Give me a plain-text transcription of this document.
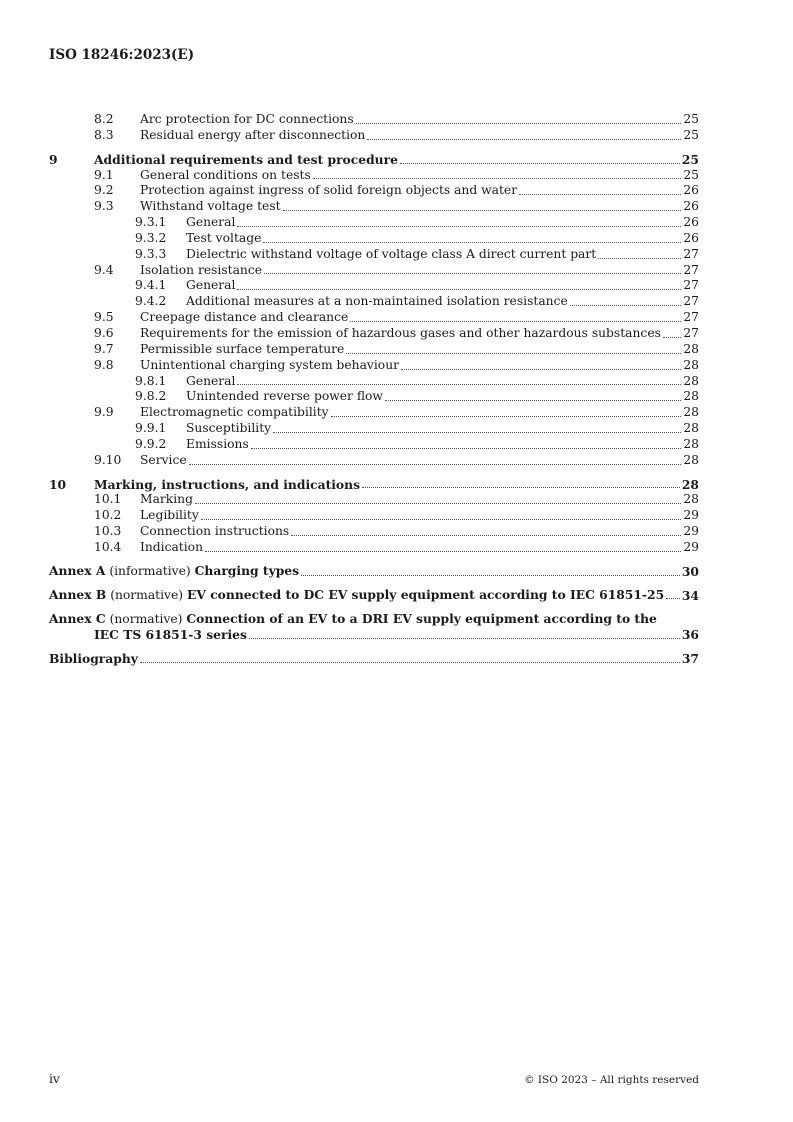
ISO 18246:2023(E)
8.2 Arc protection for DC connections	25
8.3 Residual energy after disconnection	25
9	Additional requirements and test procedure	25
9.1 General conditions on tests	25
9.2 Protection against ingress of solid foreign objects and water	26
9.3 Withstand voltage test	26
9.3.1 General	26
9.3.2 Test voltage	26
9.3.3 Dielectric withstand voltage of voltage class A direct current part	27
9.4 Isolation resistance	27
9.4.1 General	27
9.4.2 Additional measures at a non-maintained isolation resistance	27
9.5 Creepage distance and clearance	27
9.6 Requirements for the emission of hazardous gases and other hazardous substances 27
9.7 Permissible surface temperature	28
9.8 Unintentional charging system behaviour	28
9.8.1 General	28
9.8.2 Unintended reverse power flow	28
9.9 Electromagnetic compatibility	28
9.9.1 Susceptibility	28
9.9.2 Emissions	28
9.10 Service	28
10 Marking, instructions, and indications	28
10.1 Marking	28
10.2 Legibility	29
10.3 Connection instructions	29
10.4 Indication	29
Annex A (informative) Charging types	30
Annex B (normative) EV connected to DC EV supply equipment according to IEC 61851-25 34
Annex C (normative) Connection of an EV to a DRI EV supply equipment according to the
IEC TS 61851-3 series	36
Bibliography	37
iv	© ISO 2023 – All rights reserved
